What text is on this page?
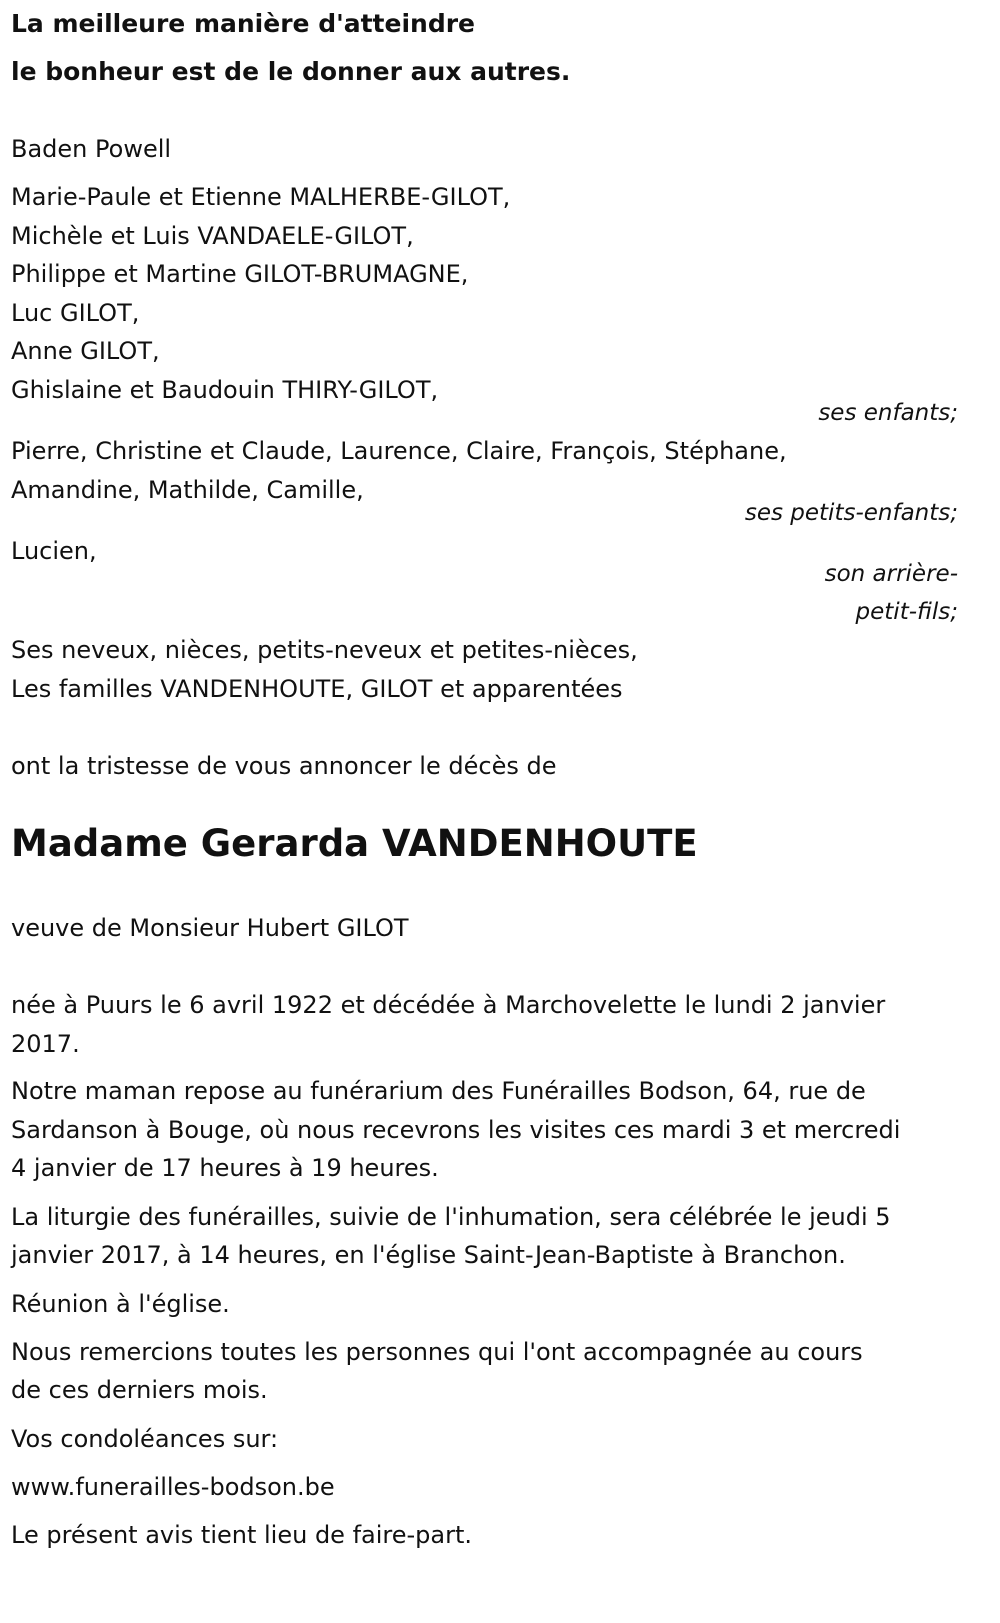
La meilleure manière d'atteindre
le bonheur est de le donner aux autres.
Baden Powell
Marie-Paule et Etienne MALHERBE-GILOT,
Michèle et Luis VANDAELE-GILOT,
Philippe et Martine GILOT-BRUMAGNE,
Luc GILOT,
Anne GILOT,
Ghislaine et Baudouin THIRY-GILOT,
ses enfants;
Pierre, Christine et Claude, Laurence, Claire, François, Stéphane,
Amandine, Mathilde, Camille,
ses petits-enfants;
Lucien,
son arrière-
petit-fils;
Ses neveux, nièces, petits-neveux et petites-nièces,
Les familles VANDENHOUTE, GILOT et apparentées
ont la tristesse de vous annoncer le décès de
Madame Gerarda VANDENHOUTE
veuve de Monsieur Hubert GILOT
née à Puurs le 6 avril 1922 et décédée à Marchovelette le lundi 2 janvier
2017.
Notre maman repose au funérarium des Funérailles Bodson, 64, rue de
Sardanson à Bouge, où nous recevrons les visites ces mardi 3 et mercredi
4 janvier de 17 heures à 19 heures.
La liturgie des funérailles, suivie de l'inhumation, sera célébrée le jeudi 5
janvier 2017, à 14 heures, en l'église Saint-Jean-Baptiste à Branchon.
Réunion à l'église.
Nous remercions toutes les personnes qui l'ont accompagnée au cours
de ces derniers mois.
Vos condoléances sur:
www.funerailles-bodson.be
Le présent avis tient lieu de faire-part.
